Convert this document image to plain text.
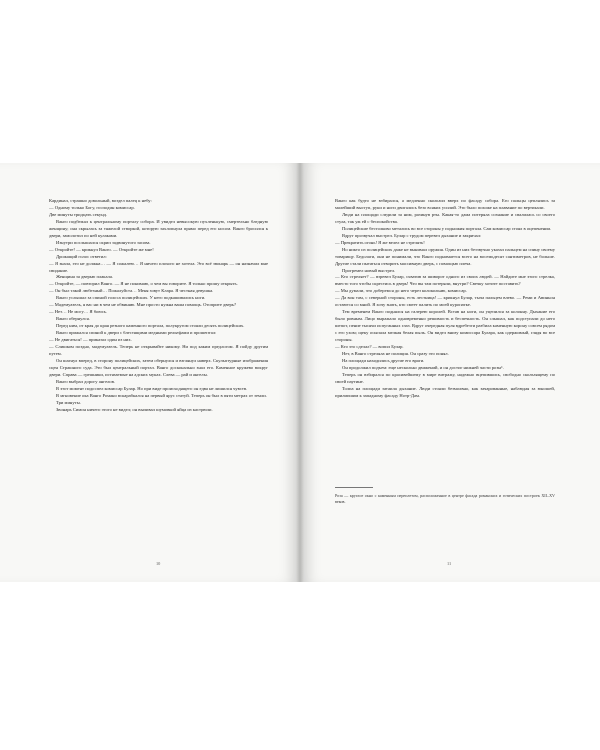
Кардинал, страшно довольный, воздел палец к небу:

— Одному только Богу, господин комиссар.

Две минуты тридцать секунд.

Ванго подбежал к центральному порталу собора. И увидел невысокую пухленькую, смертельно бледную женщину; она скрылась за тяжелой створкой, которую захлопнула прямо перед его носом. Ванго бросился к двери, замолотил по ней кулаками.

Изнутри послышался скрип задвинутого засова.

— Откройте! — крикнул Ванго. — Откройте же мне!

Дрожащий голос ответил:

— Я знала, это не должна… — Я сожалею… Я ничего плохого не хотела. Это всё звонарь — он назначил мне свидание.

Женщина за дверью плакала.

— Откройте, — повторил Ванго. — Я не понимаю, о чем вы говорите. Я только прошу открыть.

— Он был такой любезный… Пожалуйста… Меня зовут Клара. Я честная девушка.

Ванго услышал за спиной голоса полицейских. У него подкашивались ноги.

— Мадемуазель, я вас ни в чем не обвиняю. Мне просто нужна ваша помощь. Отоприте дверь?

— Нет… Не могу… Я боюсь.

Ванго обернулся.

Перед ним, от края до края резного каменного портала, полукругом стояли десять полицейских.

Ванго прижался спиной к двери с блестящими медными рельефами и прошептал:

— Не двигаться! — приказал один из них.

— Слишком поздно, мадемуазель. Теперь не открывайте никому. Ни под каким предлогом. Я пойду другим путем.

Он шагнул вперед, в сторону полицейских, затем обернулся и взглянул наверх. Скульптурные изображения сцен Страшного суда. Это был центральный портал. Ванго досконально знал его. Каменное кружево вокруг двери. Справа — грешники, истязаемые на адских муках. Слева — рай и ангелы.

Ванго выбрал дорогу ангелов.

В этот момент подоспел комиссар Булар. Но при виде происходящего он едва не лишился чувств.

В мгновение ока Ванго Романо вскарабкался на первый ярус статуй. Теперь он был в пяти метрах от земли.

Три минуты.

Звонарь Симон ничего этого не видел; он выпивал шумовкой яйца из кастрюли.

10

Ванго как будто не взбирался, а медленно скользил вверх по фасаду собора. Его пальцы цеплялись за малейший выступ, руки и ноги двигались безо всяких усилий. Это было похоже на плавание по вертикали.

Люди на площади следили за ним, разинув рты. Какая-то дама потеряла сознание и свалилась со своего стула, так уж ей с беспокойства.

Полицейские бестолково метались во все стороны у подножия портала. Сам комиссар стоял в оцепенении.

Вдруг прозвучал выстрел. Булар с трудом перевел дыхание и закричал:

— Прекратить огонь! Я же велел не стрелять!

Но никто из полицейских даже не вынимал оружия. Один из них беззвучно указал пальцем на спину своему товарищу. Бедолаги, они не понимали, что Ванго поднимается всего на восемьдесят сантиметров, не больше. Другие стали пытаться отворить массивную дверь, с помощью плеча.

Прогремел новый выстрел.

— Кто стреляет? — взревел Булар, схватив за шиворот одного из своих людей. — Найдите мне этого стрелка, вместо того чтобы скрестись в дверь! Что вы там потеряли, внутри? Свечку хотите поставить?

— Мы думали, что доберемся до него через колокольню, комиссар.

— Да вон там, с северной стороны, есть лестница! — крикнул Булар, тыча пальцем влево. — Реми и Авиньон остаются со мной. Я хочу знать, кто смеет палить по моей куропатке.

Тем временем Ванго поднялся на галерею королей. Встав на ноги, он уцепился за колонну. Дыхание его было ровным. Лицо выражало одновременно решимость и беспечность. Он слышал, как подступали до него шепот, пение тысячи испуганных глаз. Вдруг очередная пуля вдребезги разбила каменную корону совсем рядом с его ухом; щеку осыпала мелкая белая пыль. Он видел внизу комиссара Булара, как одержимый, глядя во все стороны.

— Кто это сделал? — вопил Булар.

Нет, в Ванго стреляла не полиция. Он сразу это понял.

На площади находились другие его враги.

Он продолжил подъем: еще несколько движений, и он достиг нижней части розы¹.

Теперь он взбирался по красивейшему в мире витражу, надежно вцепившись, свободно скользящему по своей паутине.

Толпа на площади затаила дыхание. Люди стояли безмолвно, как зачарованные, наблюдая за юношей, прилипшим к западному фасаду Нотр-Дам.

Роза — круглое окно с каменным переплетом, расположенное в центре фасада романских и готических построек XII–XV веков.
11
